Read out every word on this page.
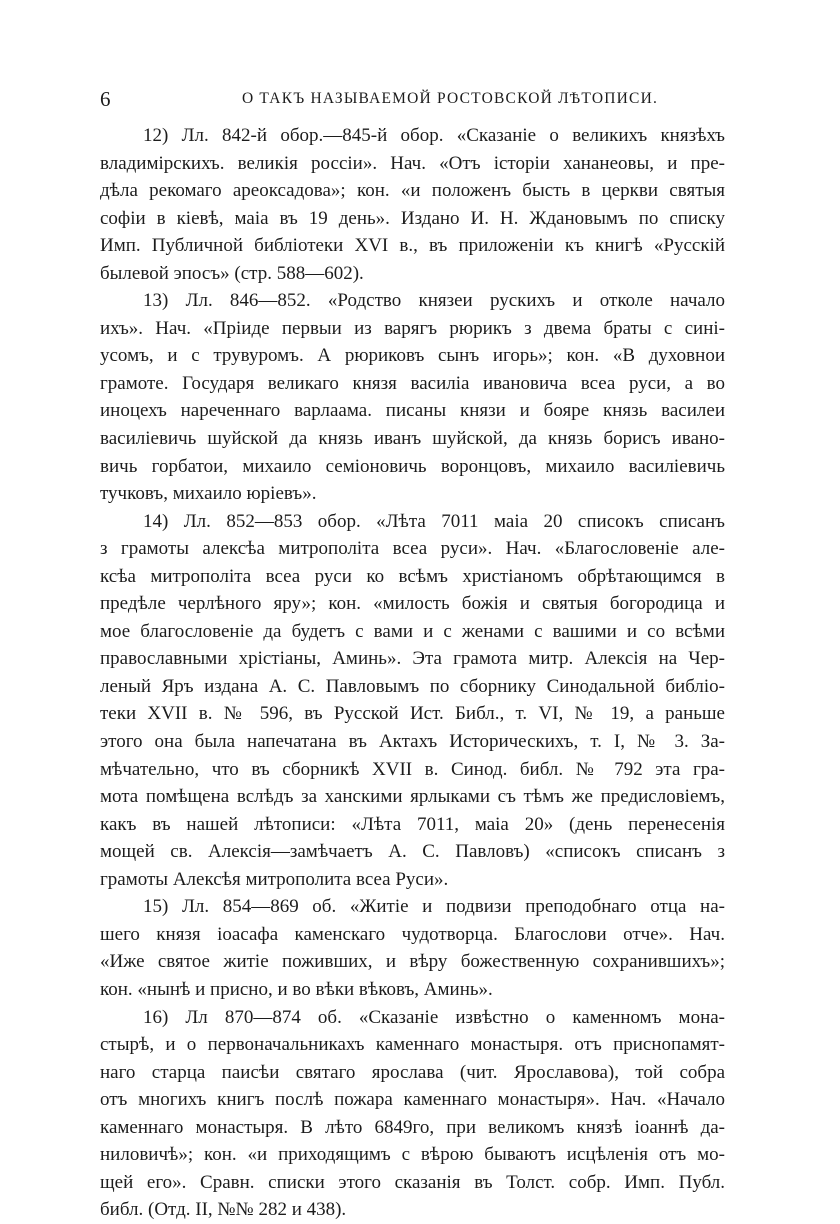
6	О ТАКЪ НАЗЫВАЕМОЙ РОСТОВСКОЙ ЛѢТОПИСИ.

12) Лл. 842-й обор.—845-й обор. «Сказаніе о великихъ князѣхъ
владимірскихъ. великія россіи». Нач. «Отъ історіи хананеовы, и пре-
дѣла рекомаго ареоксадова»; кон. «и положенъ бысть в церкви святыя
софіи в кіевѣ, маіа въ 19 день». Издано И. Н. Ждановымъ по списку
Имп. Публичной библіотеки XVI в., въ приложеніи къ книгѣ «Русскій
былевой эпосъ» (стр. 588—602).

13) Лл. 846—852. «Родство князеи рускихъ и отколе начало
ихъ». Нач. «Пріиде первыи из варягъ рюрикъ з двема браты с сині-
усомъ, и с трувуромъ. А рюриковъ сынъ игорь»; кон. «В духовнои
грамоте. Государя великаго князя василіа ивановича всеа руси, а во
иноцехъ нареченнаго варлаама. писаны князи и бояре князь василеи
василіевичь шуйской да князь иванъ шуйской, да князь борисъ ивано-
вичь горбатои, михаило семіоновичь воронцовъ, михаило василіевичь
тучковъ, михаило юріевъ».

14) Лл. 852—853 обор. «Лѣта 7011 маіа 20 списокъ списанъ
з грамоты алексѣа митрополіта всеа руси». Нач. «Благословеніе але-
ксѣа митрополіта всеа руси ко всѣмъ христіаномъ обрѣтающимся в
предѣле черлѣного яру»; кон. «милость божія и святыя богородица и
мое благословеніе да будетъ с вами и с женами с вашими и со всѣми
православными хрістіаны, Аминь». Эта грамота митр. Алексія на Чер-
леный Яръ издана А. С. Павловымъ по сборнику Синодальной библіо-
теки XVII в. № 596, въ Русской Ист. Библ., т. VI, № 19, а раньше
этого она была напечатана въ Актахъ Историческихъ, т. I, № 3. За-
мѣчательно, что въ сборникѣ XVII в. Синод. библ. № 792 эта гра-
мота помѣщена вслѣдъ за ханскими ярлыками съ тѣмъ же предисловіемъ,
какъ въ нашей лѣтописи: «Лѣта 7011, маіа 20» (день перенесенія
мощей св. Алексія—замѣчаетъ А. С. Павловъ) «списокъ списанъ з
грамоты Алексѣя митрополита всеа Руси».

15) Лл. 854—869 об. «Житіе и подвизи преподобнаго отца на-
шего князя іоасафа каменскаго чудотворца. Благослови отче». Нач.
«Иже святое житіе поживших, и вѣру божественную сохранившихъ»;
кон. «нынѣ и присно, и во вѣки вѣковъ, Аминь».

16) Лл 870—874 об. «Сказаніе извѣстно о каменномъ мона-
стырѣ, и о первоначальникахъ каменнаго монастыря. отъ приснопамят-
наго старца паисѣи святаго ярослава (чит. Ярославова), той собра
отъ многихъ книгъ послѣ пожара каменнаго монастыря». Нач. «Начало
каменнаго монастыря. В лѣто 6849го, при великомъ князѣ іоаннѣ да-
ниловичѣ»; кон. «и приходящимъ с вѣрою бываютъ исцѣленія отъ мо-
щей его». Сравн. списки этого сказанія въ Толст. собр. Имп. Публ.
библ. (Отд. II, №№ 282 и 438).
